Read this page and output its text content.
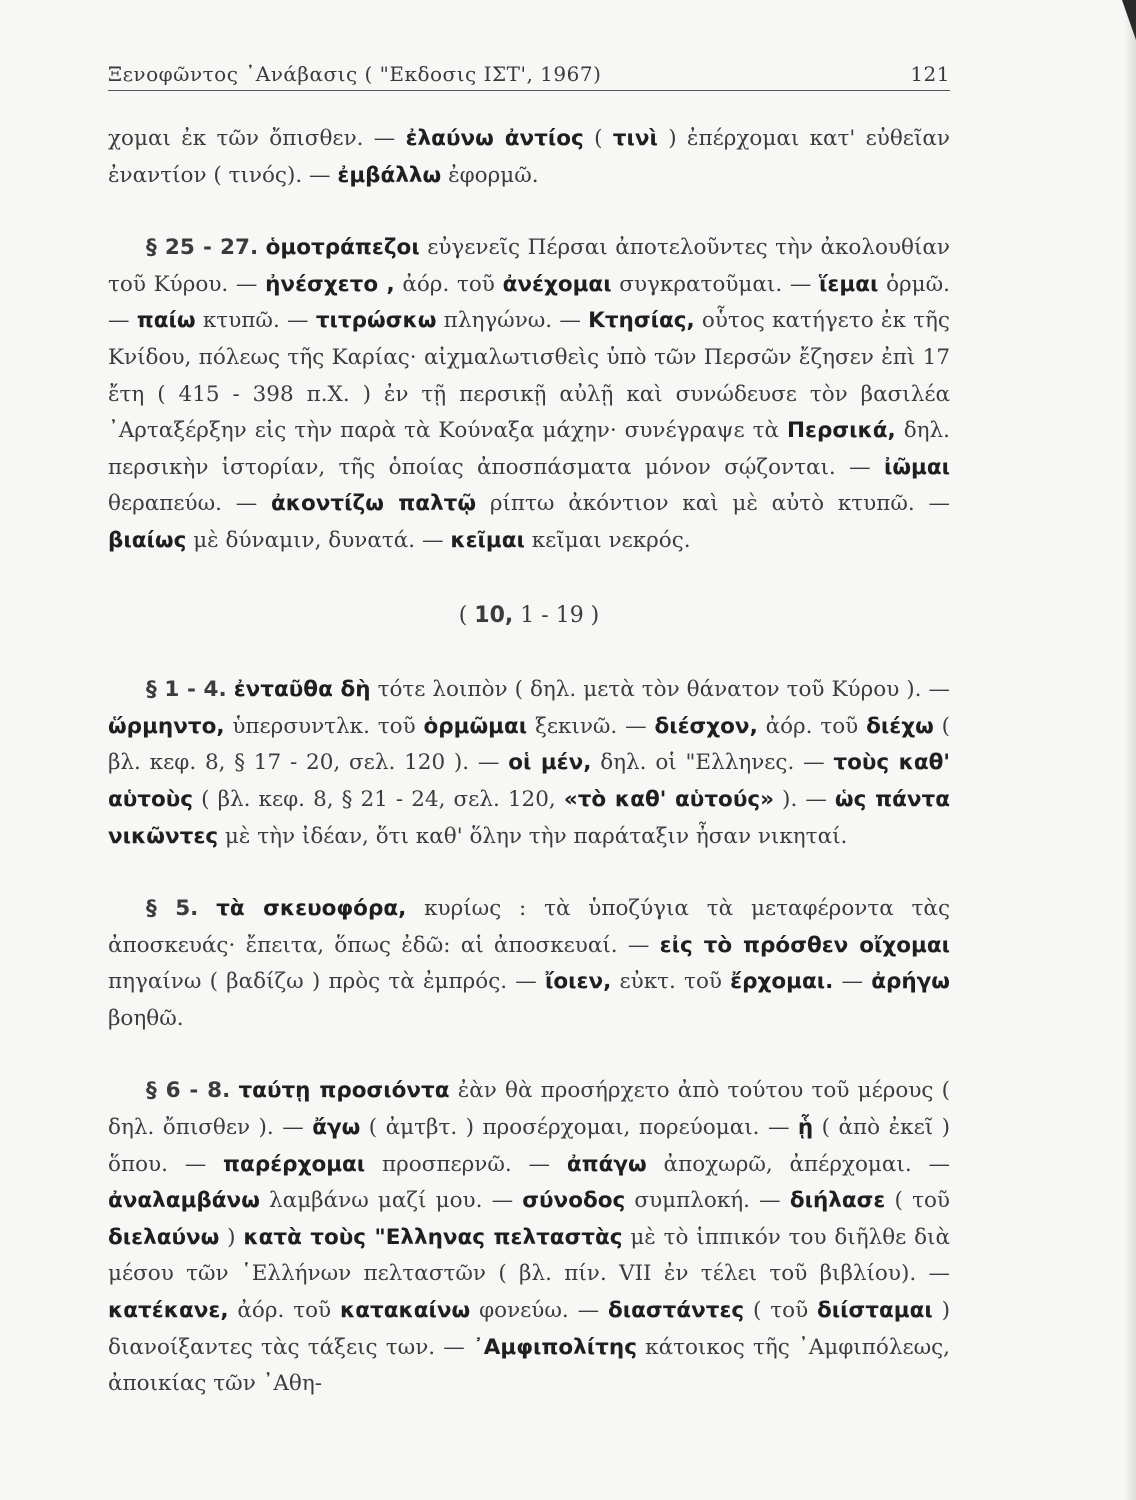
Ξενοφῶντος ᾿Ανάβασις ( "Εκδοσις ΙΣΤ', 1967)	121

χομαι ἐκ τῶν ὄπισθεν. — ἐλαύνω ἀντίος ( τινὶ ) ἐπέρχομαι κατ' εὐθεῖαν ἐναντίον ( τινός). — ἐμβάλλω ἐφορμῶ.

§ 25 - 27. ὁμοτράπεζοι εὐγενεῖς Πέρσαι ἀποτελοῦντες τὴν ἀκολουθίαν τοῦ Κύρου. — ἠνέσχετο , ἀόρ. τοῦ ἀνέχομαι συγκρατοῦμαι. — ἵεμαι ὁρμῶ. — παίω κτυπῶ. — τιτρώσκω πληγώνω. — Κτησίας, οὗτος κατήγετο ἐκ τῆς Κνίδου, πόλεως τῆς Καρίας· αἰχμαλωτισθεὶς ὑπὸ τῶν Περσῶν ἔζησεν ἐπὶ 17 ἔτη ( 415 - 398 π.Χ. ) ἐν τῇ περσικῇ αὐλῇ καὶ συνώδευσε τὸν βασιλέα ᾿Αρταξέρξην εἰς τὴν παρὰ τὰ Κούναξα μάχην· συνέγραψε τὰ Περσικά, δηλ. περσικὴν ἱστορίαν, τῆς ὁποίας ἀποσπάσματα μόνον σῴζονται. — ἰῶμαι θεραπεύω. — ἀκοντίζω παλτῷ ρίπτω ἀκόντιον καὶ μὲ αὐτὸ κτυπῶ. — βιαίως μὲ δύναμιν, δυνατά. — κεῖμαι κεῖμαι νεκρός.

( 10, 1 - 19 )

§ 1 - 4. ἐνταῦθα δὴ τότε λοιπὸν ( δηλ. μετὰ τὸν θάνατον τοῦ Κύρου ). — ὥρμηντο, ὑπερσυντλκ. τοῦ ὁρμῶμαι ξεκινῶ. — διέσχον, ἀόρ. τοῦ διέχω ( βλ. κεφ. 8, § 17 - 20, σελ. 120 ). — οἱ μέν, δηλ. οἱ "Ελληνες. — τοὺς καθ' αὑτοὺς ( βλ. κεφ. 8, § 21 - 24, σελ. 120, «τὸ καθ' αὑτούς» ). — ὡς πάντα νικῶντες μὲ τὴν ἰδέαν, ὅτι καθ' ὅλην τὴν παράταξιν ἦσαν νικηταί.

§ 5. τὰ σκευοφόρα, κυρίως : τὰ ὑποζύγια τὰ μεταφέροντα τὰς ἀποσκευάς· ἔπειτα, ὅπως ἐδῶ: αἱ ἀποσκευαί. — εἰς τὸ πρόσθεν οἴχομαι πηγαίνω ( βαδίζω ) πρὸς τὰ ἐμπρός. — ἴοιεν, εὐκτ. τοῦ ἔρχομαι. — ἀρήγω βοηθῶ.

§ 6 - 8. ταύτῃ προσιόντα ἐὰν θὰ προσήρχετο ἀπὸ τούτου τοῦ μέρους ( δηλ. ὄπισθεν ). — ἄγω ( ἀμτβτ. ) προσέρχομαι, πορεύομαι. — ᾗ ( ἀπὸ ἐκεῖ ) ὅπου. — παρέρχομαι προσπερνῶ. — ἀπάγω ἀποχωρῶ, ἀπέρχομαι. — ἀναλαμβάνω λαμβάνω μαζί μου. — σύνοδος συμπλοκή. — διήλασε ( τοῦ διελαύνω ) κατὰ τοὺς "Ελληνας πελταστὰς μὲ τὸ ἱππικόν του διῆλθε διὰ μέσου τῶν ῾Ελλήνων πελταστῶν ( βλ. πίν. VII ἐν τέλει τοῦ βιβλίου). — κατέκανε, ἀόρ. τοῦ κατακαίνω φονεύω. — διαστάντες ( τοῦ διίσταμαι ) διανοίξαντες τὰς τάξεις των. — ᾿Αμφιπολίτης κάτοικος τῆς ᾿Αμφιπόλεως, ἀποικίας τῶν ᾿Αθη-
